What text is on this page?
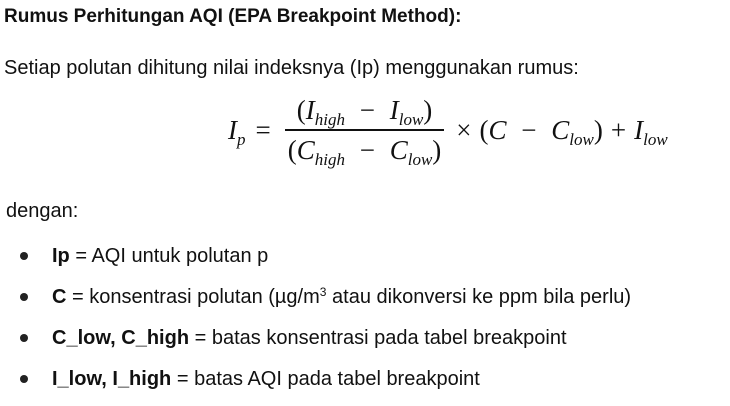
Rumus Perhitungan AQI (EPA Breakpoint Method):
Setiap polutan dihitung nilai indeksnya (Ip) menggunakan rumus:
$I_p = \frac{(I_{high} - I_{low})}{(C_{high} - C_{low})} \times (C - C_{low}) + I_{low}$
dengan:
Ip = AQI untuk polutan p
C = konsentrasi polutan ($\mu g/m^3$ atau dikonversi ke ppm bila perlu)
C_low, C_high = batas konsentrasi pada tabel breakpoint
I_low, I_high = batas AQI pada tabel breakpoint
